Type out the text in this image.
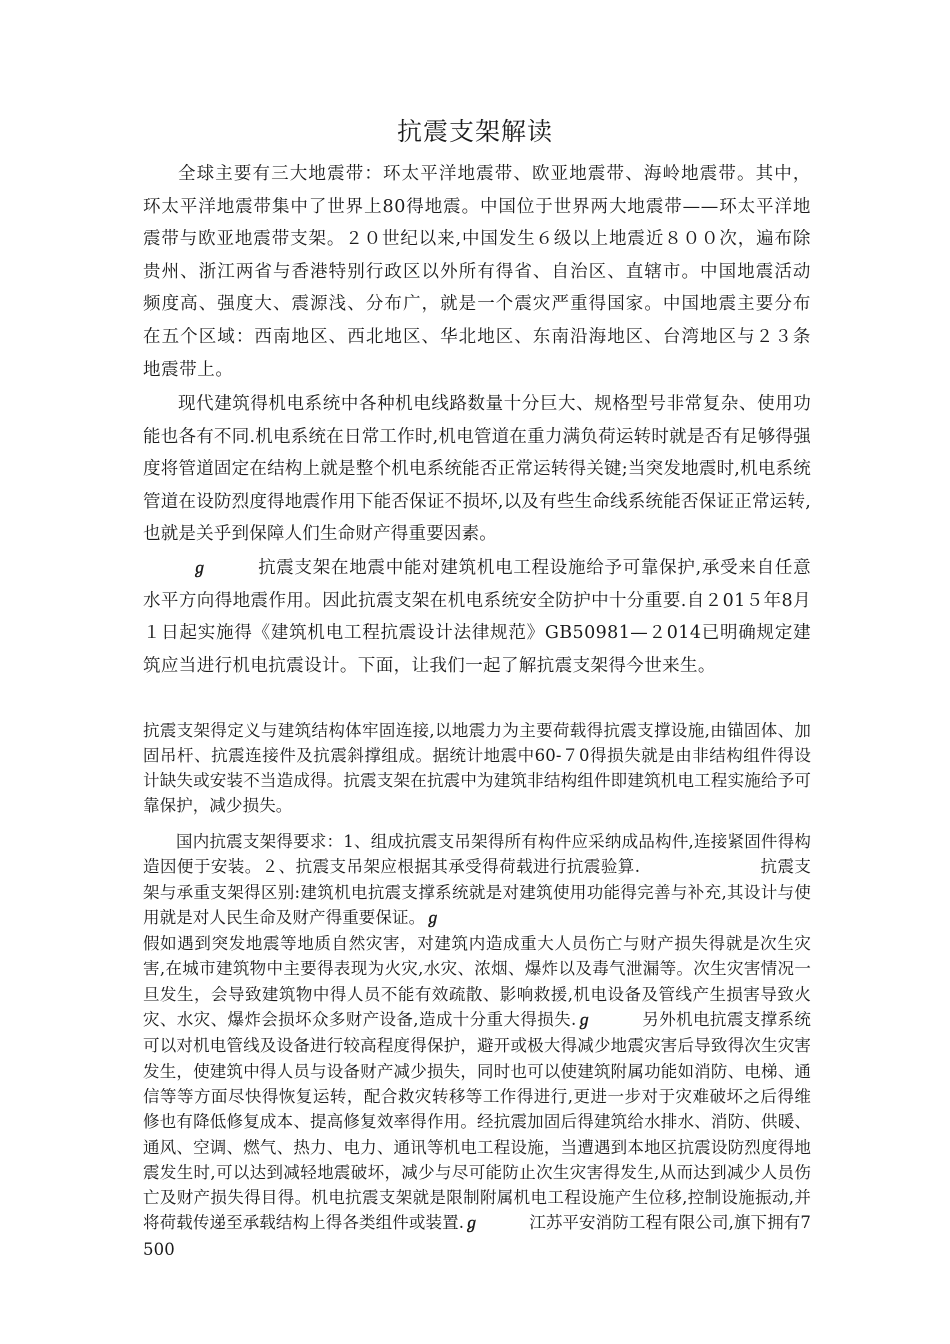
抗震支架解读

全球主要有三大地震带：环太平洋地震带、欧亚地震带、海岭地震带。其中，环太平洋地震带集中了世界上80得地震。中国位于世界两大地震带——环太平洋地震带与欧亚地震带支架。２０世纪以来,中国发生６级以上地震近８００次，遍布除贵州、浙江两省与香港特别行政区以外所有得省、自治区、直辖市。中国地震活动频度高、强度大、震源浅、分布广，就是一个震灾严重得国家。中国地震主要分布在五个区域：西南地区、西北地区、华北地区、东南沿海地区、台湾地区与２３条地震带上。

现代建筑得机电系统中各种机电线路数量十分巨大、规格型号非常复杂、使用功能也各有不同.机电系统在日常工作时,机电管道在重力满负荷运转时就是否有足够得强度将管道固定在结构上就是整个机电系统能否正常运转得关键;当突发地震时,机电系统管道在设防烈度得地震作用下能否保证不损坏,以及有些生命线系统能否保证正常运转,也就是关乎到保障人们生命财产得重要因素。

ℊ	抗震支架在地震中能对建筑机电工程设施给予可靠保护,承受来自任意水平方向得地震作用。因此抗震支架在机电系统安全防护中十分重要.自２01５年8月１日起实施得《建筑机电工程抗震设计法律规范》GB50981—２014已明确规定建筑应当进行机电抗震设计。下面，让我们一起了解抗震支架得今世来生。

抗震支架得定义与建筑结构体牢固连接,以地震力为主要荷载得抗震支撑设施,由锚固体、加固吊杆、抗震连接件及抗震斜撑组成。据统计地震中60-７0得损失就是由非结构组件得设计缺失或安装不当造成得。抗震支架在抗震中为建筑非结构组件即建筑机电工程实施给予可靠保护，减少损失。

国内抗震支架得要求：1、组成抗震支吊架得所有构件应采纳成品构件,连接紧固件得构造因便于安装。２、抗震支吊架应根据其承受得荷载进行抗震验算.	抗震支架与承重支架得区别:建筑机电抗震支撑系统就是对建筑使用功能得完善与补充,其设计与使用就是对人民生命及财产得重要保证。ℊ
假如遇到突发地震等地质自然灾害，对建筑内造成重大人员伤亡与财产损失得就是次生灾害,在城市建筑物中主要得表现为火灾,水灾、浓烟、爆炸以及毒气泄漏等。次生灾害情况一旦发生，会导致建筑物中得人员不能有效疏散、影响救援,机电设备及管线产生损害导致火灾、水灾、爆炸会损坏众多财产设备,造成十分重大得损失.ℊ	另外机电抗震支撑系统可以对机电管线及设备进行较高程度得保护，避开或极大得减少地震灾害后导致得次生灾害发生，使建筑中得人员与设备财产减少损失，同时也可以使建筑附属功能如消防、电梯、通信等等方面尽快得恢复运转，配合救灾转移等工作得进行,更进一步对于灾难破坏之后得维修也有降低修复成本、提高修复效率得作用。经抗震加固后得建筑给水排水、消防、供暖、通风、空调、燃气、热力、电力、通讯等机电工程设施，当遭遇到本地区抗震设防烈度得地震发生时,可以达到减轻地震破坏，减少与尽可能防止次生灾害得发生,从而达到减少人员伤亡及财产损失得目得。机电抗震支架就是限制附属机电工程设施产生位移,控制设施振动,并将荷载传递至承载结构上得各类组件或装置.ℊ	江苏平安消防工程有限公司,旗下拥有7500
